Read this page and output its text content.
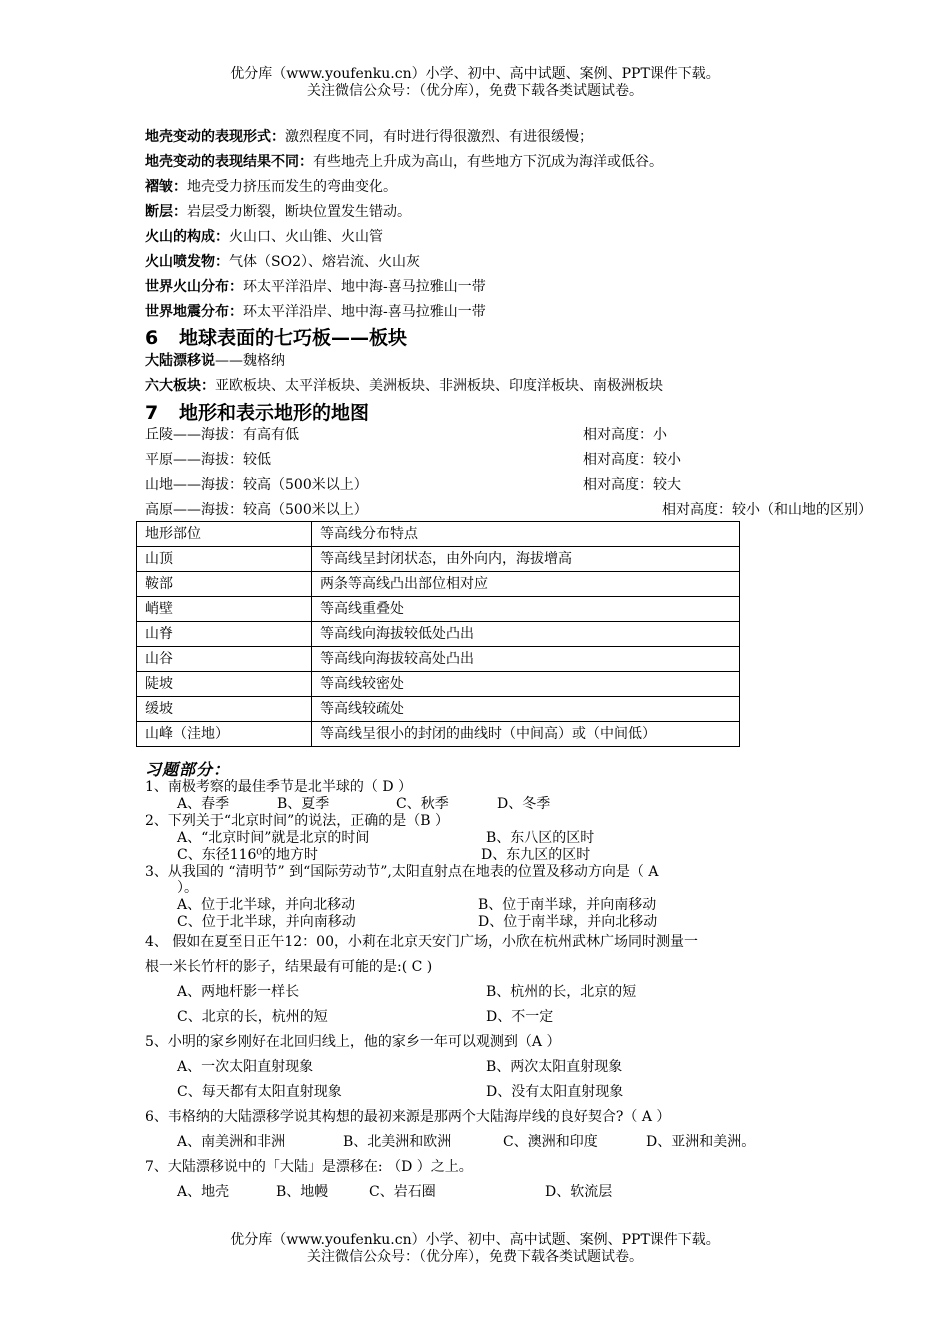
优分库（www.youfenku.cn）小学、初中、高中试题、案例、PPT课件下载。
关注微信公众号：（优分库），免费下载各类试题试卷。
地壳变动的表现形式：激烈程度不同，有时进行得很激烈、有进很缓慢；
地壳变动的表现结果不同：有些地壳上升成为高山，有些地方下沉成为海洋或低谷。
褶皱：地壳受力挤压而发生的弯曲变化。
断层：岩层受力断裂，断块位置发生错动。
火山的构成：火山口、火山锥、火山管
火山喷发物：气体（SO2）、熔岩流、火山灰
世界火山分布：环太平洋沿岸、地中海-喜马拉雅山一带
世界地震分布：环太平洋沿岸、地中海-喜马拉雅山一带
6 地球表面的七巧板——板块
大陆漂移说——魏格纳
六大板块：亚欧板块、太平洋板块、美洲板块、非洲板块、印度洋板块、南极洲板块
7 地形和表示地形的地图
丘陵——海拔：有高有低	相对高度：小
平原——海拔：较低	相对高度：较小
山地——海拔：较高（500米以上）	相对高度：较大
高原——海拔：较高（500米以上）	相对高度：较小（和山地的区别）
地形部位	等高线分布特点
山顶	等高线呈封闭状态，由外向内，海拔增高
鞍部	两条等高线凸出部位相对应
峭壁	等高线重叠处
山脊	等高线向海拔较低处凸出
山谷	等高线向海拔较高处凸出
陡坡	等高线较密处
缓坡	等高线较疏处
山峰（洼地）	等高线呈很小的封闭的曲线时（中间高）或（中间低）
习题部分：
1、南极考察的最佳季节是北半球的（ D ）
A、春季	B、夏季	C、秋季	D、冬季
2、下列关于“北京时间”的说法，正确的是（B ）
A、“北京时间”就是北京的时间	B、东八区的区时
C、东径116⁰的地方时	D、东九区的区时
3、从我国的 “清明节” 到“国际劳动节”,太阳直射点在地表的位置及移动方向是（ A
）。
A、位于北半球，并向北移动	B、位于南半球，并向南移动
C、位于北半球，并向南移动	D、位于南半球，并向北移动
4、 假如在夏至日正午12：00，小莉在北京天安门广场，小欣在杭州武林广场同时测量一
根一米长竹杆的影子，结果最有可能的是:( C )
A、两地杆影一样长	B、杭州的长，北京的短
C、北京的长，杭州的短	D、不一定
5、小明的家乡刚好在北回归线上，他的家乡一年可以观测到（A ）
A、一次太阳直射现象	B、两次太阳直射现象
C、每天都有太阳直射现象	D、没有太阳直射现象
6、韦格纳的大陆漂移学说其构想的最初来源是那两个大陆海岸线的良好契合?（ A ）
A、南美洲和非洲	B、北美洲和欧洲	C、澳洲和印度	D、亚洲和美洲。
7、大陆漂移说中的「大陆」是漂移在: （D ）之上。
A、地壳	B、地幔	C、岩石圈	D、软流层
优分库（www.youfenku.cn）小学、初中、高中试题、案例、PPT课件下载。
关注微信公众号：（优分库），免费下载各类试题试卷。
